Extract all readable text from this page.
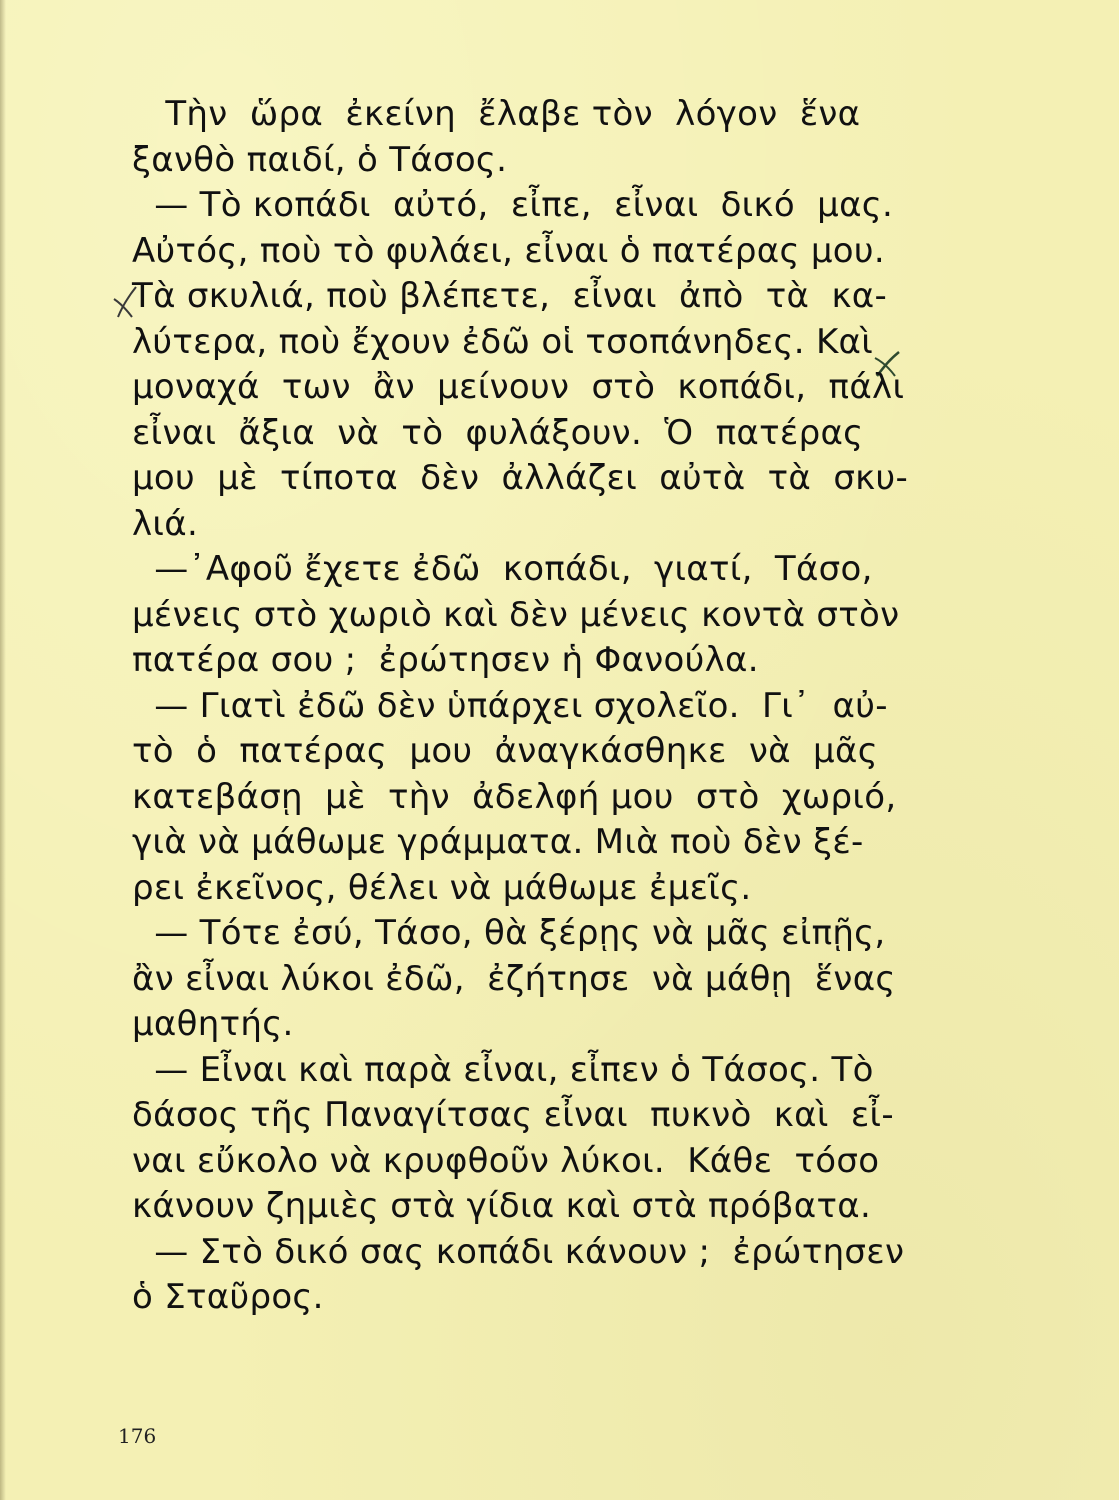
Τὴν  ὥρα  ἐκείνη  ἔλαβε τὸν  λόγον  ἕνα
ξανθὸ παιδί, ὁ Τάσος.
— Τὸ κοπάδι  αὐτό,  εἶπε,  εἶναι  δικό  μας.
Αὐτός, ποὺ τὸ φυλάει, εἶναι ὁ πατέρας μου.
Τὰ σκυλιά, ποὺ βλέπετε,  εἶναι  ἀπὸ  τὰ  κα-
λύτερα, ποὺ ἔχουν ἐδῶ οἱ τσοπάνηδες. Καὶ
μοναχά  των  ἂν  μείνουν  στὸ  κοπάδι,  πάλι
εἶναι  ἄξια  νὰ  τὸ  φυλάξουν.  Ὁ  πατέρας
μου  μὲ  τίποτα  δὲν  ἀλλάζει  αὐτὰ  τὰ  σκυ-
λιά.
—᾿Αφοῦ ἔχετε ἐδῶ  κοπάδι,  γιατί,  Τάσο,
μένεις στὸ χωριὸ καὶ δὲν μένεις κοντὰ στὸν
πατέρα σου ;  ἐρώτησεν ἡ Φανούλα.
— Γιατὶ ἐδῶ δὲν ὑπάρχει σχολεῖο.  Γι᾿  αὐ-
τὸ  ὁ  πατέρας  μου  ἀναγκάσθηκε  νὰ  μᾶς
κατεβάσῃ  μὲ  τὴν  ἀδελφή μου  στὸ  χωριό,
γιὰ νὰ μάθωμε γράμματα. Μιὰ ποὺ δὲν ξέ-
ρει ἐκεῖνος, θέλει νὰ μάθωμε ἐμεῖς.
— Τότε ἐσύ, Τάσο, θὰ ξέρῃς νὰ μᾶς εἰπῇς,
ἂν εἶναι λύκοι ἐδῶ,  ἐζήτησε  νὰ μάθῃ  ἕνας
μαθητής.
— Εἶναι καὶ παρὰ εἶναι, εἶπεν ὁ Τάσος. Τὸ
δάσος τῆς Παναγίτσας εἶναι  πυκνὸ  καὶ  εἶ-
ναι εὔκολο νὰ κρυφθοῦν λύκοι.  Κάθε  τόσο
κάνουν ζημιὲς στὰ γίδια καὶ στὰ πρόβατα.
— Στὸ δικό σας κοπάδι κάνουν ;  ἐρώτησεν
ὁ Σταῦρος.
176
